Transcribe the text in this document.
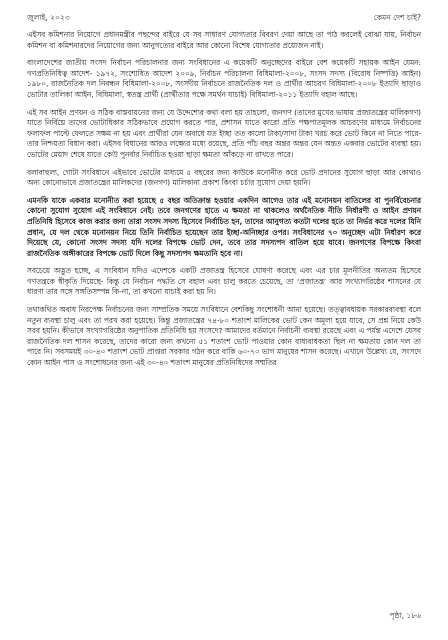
জুলাই, ২০২৩	কেমন দেশ চাই?

এইসব কমিশনার নিয়োগে প্রধানমন্ত্রীর পছন্দের বাইরে যে সব সাধারণ যোগ্যতার বিবরণ দেয়া আছে তা পাঠ করলেই বোঝা যায়, নির্বাচন কমিশন বা কমিশনারদের নিয়োগের জন্য আনুগত্যের বাইরে আর কোনো বিশেষ যোগ্যতার প্রয়োজন নাই।

বাংলাদেশের জাতীয় সংসদ নির্বাচন পরিচালনার জন্য সংবিধানের এ কয়েকটি অনুচ্ছেদের বাইরে বেশ কয়েকটি সহায়ক আইন যেমন: গণপ্রতিনিধিত্ব আদেশ- ১৯৭২, সংশোধিত আদেশ ২০০৯, নির্বাচন পরিচালনা বিধিমালা-২০০৮, সংসদ সদস্য (বিরোধ নিষ্পত্তি) আইন) ১৯৮০, রাজনৈতিক দল নিবন্ধন বিধিমালা-২০০৮, সংসদীয় নির্বাচনে রাজনৈতিক দল ও প্রার্থীর আচরণ বিধিমালা-২০০৮ ইত্যাদি ছাড়াও ভোটার তালিকা আইন, বিধিমালা, স্বতন্ত্র প্রার্থী (প্রার্থীতার পক্ষে সমর্থন যাচাই) বিধিমালা-২০১১ ইত্যাদি বহাল আছে।

এই সব আইন প্রণয়ন ও সঠিক বাস্তবায়নের জন্য যে উদ্দেশ্যের কথা বলা হয় তাহলো, জনগণ (তাদের মুখের ভাষায় প্রজাতন্ত্রের মালিকগণ) যাতে নির্বিঘ্নে তাদের ভোটাধিকার সঠিকভাবে প্রয়োগ করতে পার, প্রশাসন যাতে কারো প্রতি পক্ষপাতমূলক আচরণের মাধ্যমে নির্বাচনের ফলাফল পাল্টে ফেলতে সক্ষম না হয় এবং প্রার্থীরা যেন অবাধে যত ইচ্ছা তত কালো টাকা/সাদা টাকা খরচ করে ভোট কিনে না নিতে পারে- তার নিশ্চয়তা বিধান করা। এইসব বিধানের আরও লক্ষ্যের মধ্যে রয়েছে, প্রতি পাঁচ বছর অন্তর অন্তর যেন অন্তত একবার ভোটের ব্যবস্থা হয়। ভোটের মেয়াদ শেষে যাতে কেউ পুনর্বার নির্বাচিত হওয়া ছাড়া ক্ষমতা আঁকড়ে না রাখতে পারে।

বলাবাহুল্য, গোটা সংবিধানে এইভাবে ভোটের মাধ্যমে ৫ বছরের জন্য কাউকে মনোনীত করে ভোট প্রদানের সুযোগ ছাড়া আর কোথাও অন্য কোনোভাবে প্রজাতন্ত্রের মালিকদের (জনগণ) মালিকানা প্রকাশ কিংবা চর্চার সুযোগ দেয়া হয়নি।

এমনকি যাকে একবার মনোনীত করা হয়েছে ৫ বছর অতিক্রান্ত হওয়ার একদিন আগেও তার এই মনোনয়ন বাতিলের বা পুনর্বিবেচনার কোনো সুযোগ সুযোগ এই সংবিধানে নেই। তবে জনগণের হাতে এ ক্ষমতা না থাকলেও অর্থনৈতিক নীতি নির্ধারণী ও আইন প্রণয়ন প্রতিনিধি হিসেবে কাজ করার জন্য তারা সংসদ সদস্য হিসেবে নির্বাচিত হন, তাদের আনুগত্য কতটা দলের হতে তা নির্ভর করে দলের যিনি প্রধান, যে দল থেকে মনোনয়ন নিয়ে তিনি নির্বাচিত হয়েছেন তার ইচ্ছা-অনিচ্ছার ওপর। সংবিধানের ৭০ অনুচ্ছেদ এটা নির্ধারণ করে দিয়েছে যে, কোনো সংসদ সদস্য যদি দলের বিপক্ষে ভোট দেন, তবে তার সদস্যপদ বাতিল হয়ে যাবে। জনগণের বিপক্ষে কিংবা রাজনৈতিক অঙ্গীকারের বিপক্ষে ভোট দিলে কিছু সদস্যপদ ক্ষমতানি হবে না।

সবচেয়ে অদ্ভুত হচ্ছে, এ সংবিধান যদিও এদেশকে একটি প্রজাতন্ত্র হিসেবে ঘোষণা করেছে এবং এর চার মূলনীতির অন্যতম হিসেবে গণতন্ত্রকে স্বীকৃতি দিয়েছে- কিন্তু যে নির্বাচন পদ্ধতি সে বহাল এবং চালু করতে চেয়েছে, তা ‘প্রজাতন্ত্র’ আর সংখ্যাগরিষ্ঠের শাসনের যে ধারণা তার সঙ্গে সঙ্গতিসম্পন্ন কি-না, তা কখনো যাচাই করা হয় নি।

তথাকথিত অবাধ নিরপেক্ষ নির্বাচনের জন্য সাম্প্রতিক সময়ে সংবিধানে বেশকিছু সংশোধনী আনা হয়েছে। তত্ত্বাবধায়ক সরকারব্যবস্থা বলে নতুন ব্যবস্থা চালু এবং তা পরখ করা হয়েছে। কিন্তু প্রজাতন্ত্রের ৭৪-৮০ শতাংশ মালিকের ভোট কেন অমূল্য হয়ে যাবে, সে প্রশ্ন নিয়ে কেউ সরব হয়নি। কীভাবে সংখ্যাগরিষ্ঠের অনুপাতিক প্রতিনিধি হয় সংসদে? আমাদের বর্তমানে নির্বাচনী ব্যবস্থা রয়েছে এবং এ পর্যন্ত এদেশে যেসব রাজনৈতিক দল শাসন করেছে, তাদের কারো জন্য কখনো ৫১ শতাংশ ভোট পাওয়ার কোন বাধ্যবাধকতা ছিল না ক্ষমতায় কোন দল তা পারে নি। সবসময়ই ৩০-৪০ শতাংশ ভোট প্রাপ্তরা সরকার গঠন করে বাকি ৬০-৭০ ভাগ মানুষের শাসন করেছে। এখানে উল্লেখ্য যে, সংসদে কোন আইন পাস ও সংশোধনের জন্য এই ৩০-৪০ শতাংশ মানুষের প্রতিনিধিদের সম্মতির

পৃষ্ঠা, ১৮৬
